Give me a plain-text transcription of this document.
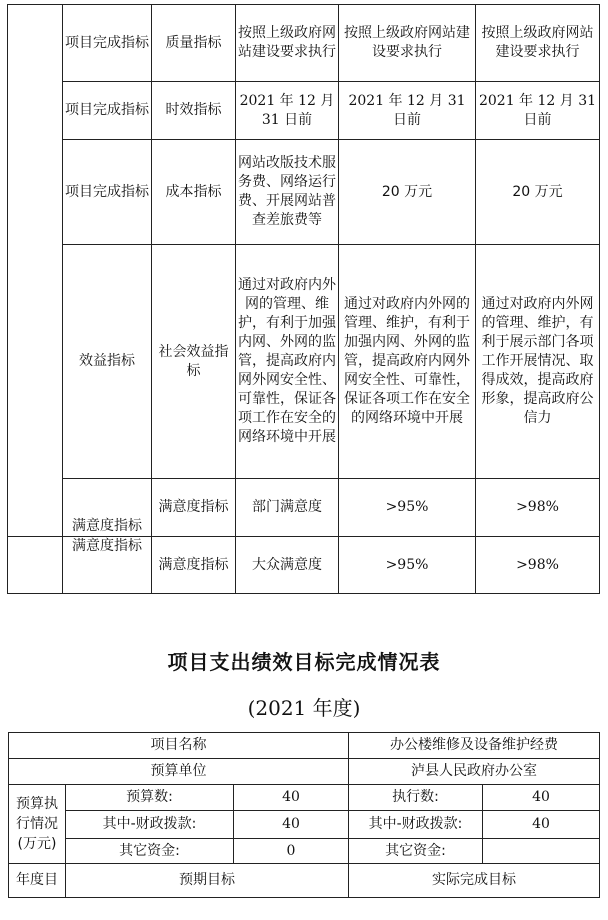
	项目完成指标	质量指标	按照上级政府网站建设要求执行	按照上级政府网站建设要求执行	按照上级政府网站建设要求执行
	项目完成指标	时效指标	2021 年 12 月 31 日前	2021 年 12 月 31 日前	2021 年 12 月 31 日前
	项目完成指标	成本指标	网站改版技术服务费、网络运行费、开展网站普查差旅费等	20 万元	20 万元
	效益指标	社会效益指标	通过对政府内外网的管理、维护，有利于加强内网、外网的监管，提高政府内网外网安全性、可靠性，保证各项工作在安全的网络环境中开展	通过对政府内外网的管理、维护，有利于加强内网、外网的监管，提高政府内网外网安全性、可靠性，保证各项工作在安全的网络环境中开展	通过对政府内外网的管理、维护，有利于展示部门各项工作开展情况、取得成效，提高政府形象，提高政府公信力
	满意度指标	满意度指标	部门满意度	>95%	>98%
	满意度指标	满意度指标	大众满意度	>95%	>98%
项目支出绩效目标完成情况表
(2021 年度)
项目名称			办公楼维修及设备维护经费	
预算单位			泸县人民政府办公室	
预算执行情况(万元)	预算数:	40	执行数:	40
	其中-财政拨款:	40	其中-财政拨款:	40
	其它资金:	0	其它资金:	
年度目	预期目标		实际完成目标	
